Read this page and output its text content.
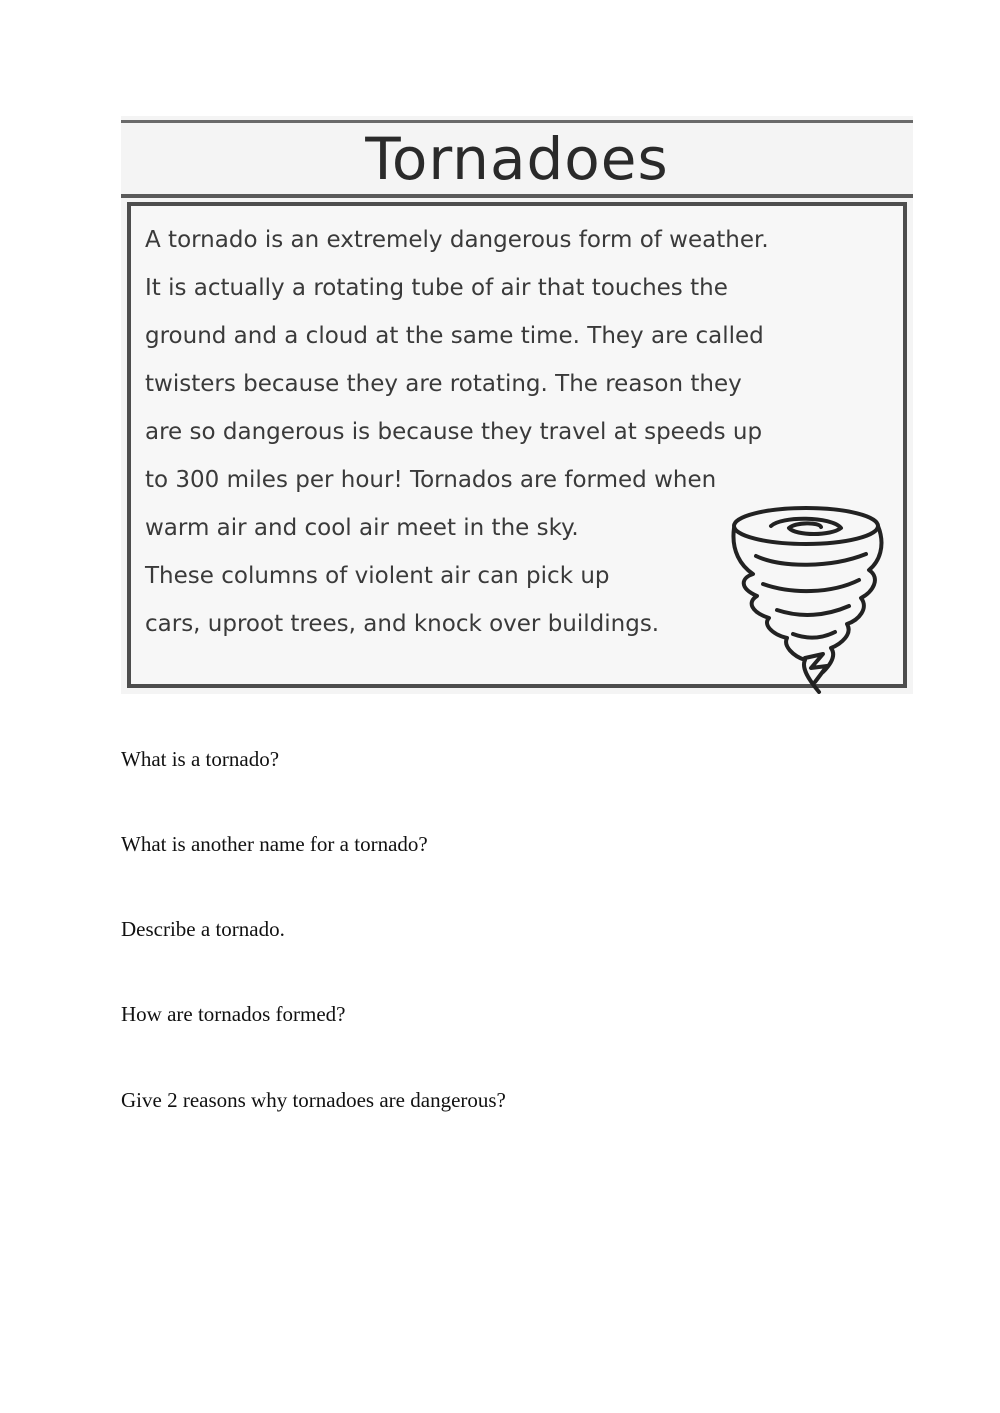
Tornadoes

A tornado is an extremely dangerous form of weather.
It is actually a rotating tube of air that touches the
ground and a cloud at the same time. They are called
twisters because they are rotating. The reason they
are so dangerous is because they travel at speeds up
to 300 miles per hour! Tornados are formed when
warm air and cool air meet in the sky.
These columns of violent air can pick up
cars, uproot trees, and knock over buildings.

What is a tornado?

What is another name for a tornado?

Describe a tornado.

How are tornados formed?

Give 2 reasons why tornadoes are dangerous?
